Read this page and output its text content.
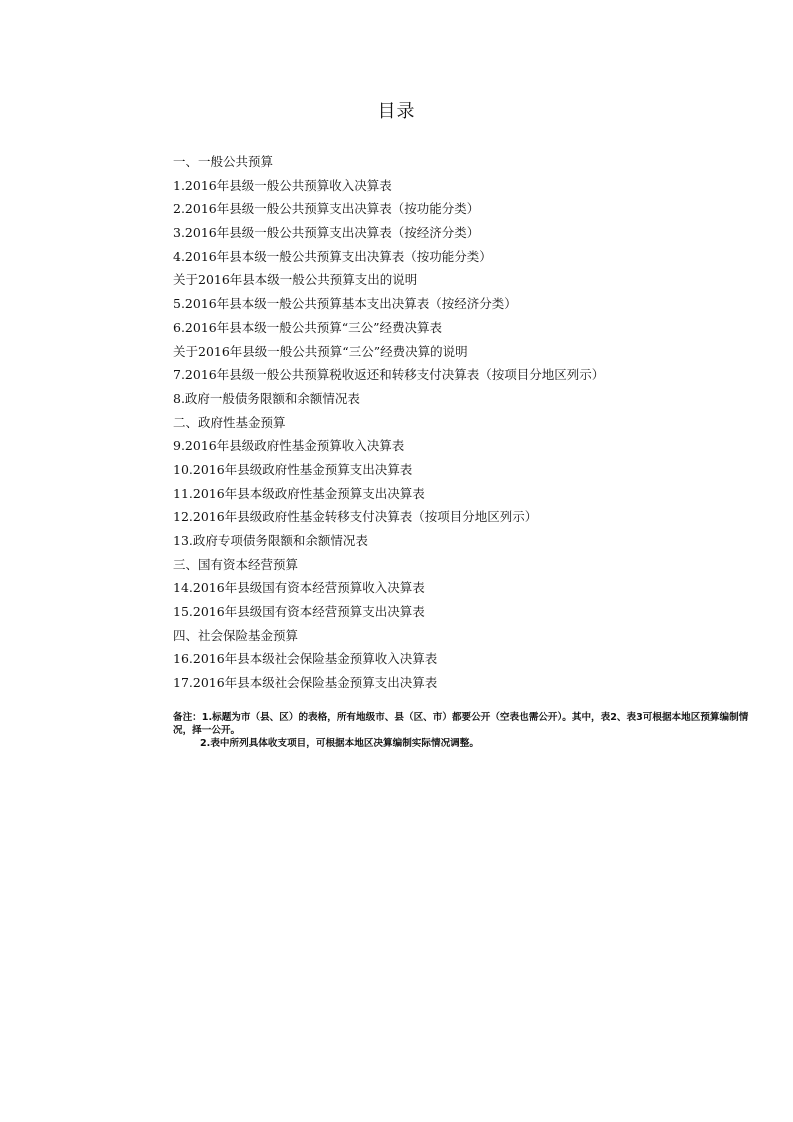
目录
一、一般公共预算
1.2016年县级一般公共预算收入决算表
2.2016年县级一般公共预算支出决算表（按功能分类）
3.2016年县级一般公共预算支出决算表（按经济分类）
4.2016年县本级一般公共预算支出决算表（按功能分类）
关于2016年县本级一般公共预算支出的说明
5.2016年县本级一般公共预算基本支出决算表（按经济分类）
6.2016年县本级一般公共预算“三公”经费决算表
关于2016年县级一般公共预算“三公”经费决算的说明
7.2016年县级一般公共预算税收返还和转移支付决算表（按项目分地区列示）
8.政府一般债务限额和余额情况表
二、政府性基金预算
9.2016年县级政府性基金预算收入决算表
10.2016年县级政府性基金预算支出决算表
11.2016年县本级政府性基金预算支出决算表
12.2016年县级政府性基金转移支付决算表（按项目分地区列示）
13.政府专项债务限额和余额情况表
三、国有资本经营预算
14.2016年县级国有资本经营预算收入决算表
15.2016年县级国有资本经营预算支出决算表
四、社会保险基金预算
16.2016年县本级社会保险基金预算收入决算表
17.2016年县本级社会保险基金预算支出决算表
备注：1.标题为市（县、区）的表格，所有地级市、县（区、市）都要公开（空表也需公开）。其中，表2、表3可根据本地区预算编制情况，择一公开。
2.表中所列具体收支项目，可根据本地区决算编制实际情况调整。
